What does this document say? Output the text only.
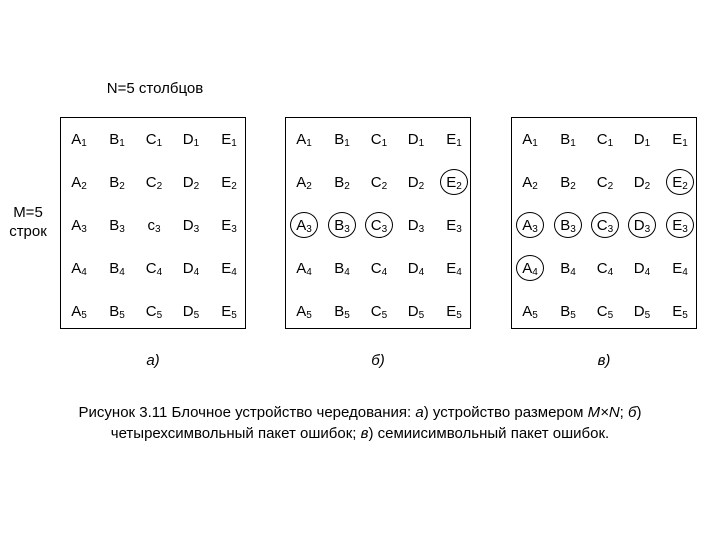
N=5 столбцов
M=5
строк
$A_1$ $B_1$ $C_1$ $D_1$ $E_1$
$A_2$ $B_2$ $C_2$ $D_2$ $E_2$
$A_3$ $B_3$ $c_3$ $D_3$ $E_3$
$A_4$ $B_4$ $C_4$ $D_4$ $E_4$
$A_5$ $B_5$ $C_5$ $D_5$ $E_5$
$A_1$ $B_1$ $C_1$ $D_1$ $E_1$
$A_2$ $B_2$ $C_2$ $D_2$ $E_2$
$A_3$ $B_3$ $C_3$ $D_3$ $E_3$
$A_4$ $B_4$ $C_4$ $D_4$ $E_4$
$A_5$ $B_5$ $C_5$ $D_5$ $E_5$
$A_1$ $B_1$ $C_1$ $D_1$ $E_1$
$A_2$ $B_2$ $C_2$ $D_2$ $E_2$
$A_3$ $B_3$ $C_3$ $D_3$ $E_3$
$A_4$ $B_4$ $C_4$ $D_4$ $E_4$
$A_5$ $B_5$ $C_5$ $D_5$ $E_5$
а)	б)	в)
Рисунок 3.11 Блочное устройство чередования: а) устройство размером M×N; б)
четырехсимвольный пакет ошибок; в) семиисимвольный пакет ошибок.
